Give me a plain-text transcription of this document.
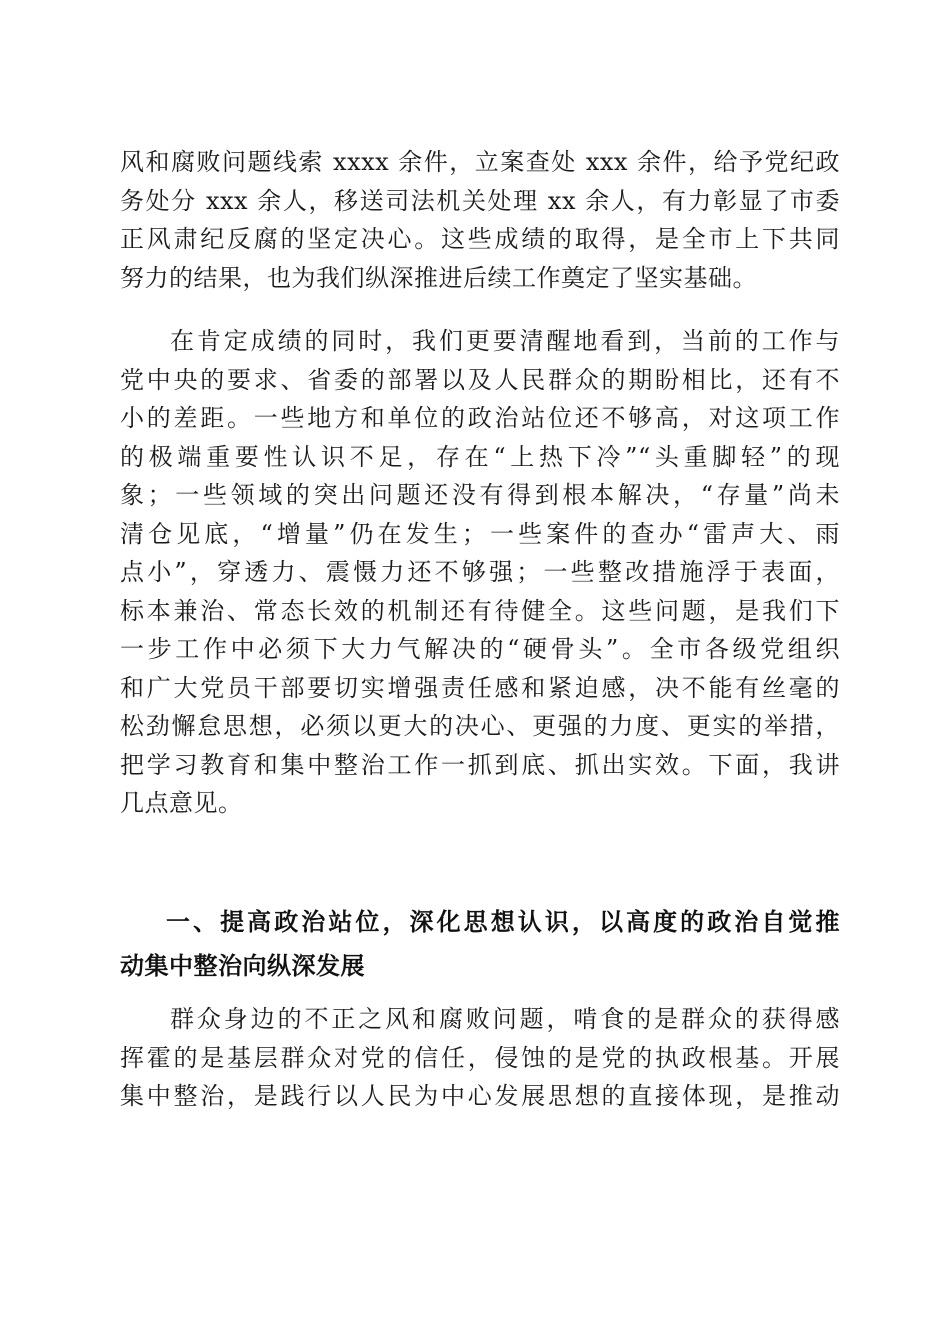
风和腐败问题线索 xxxx 余件，立案查处 xxx 余件，给予党纪政
务处分 xxx 余人，移送司法机关处理 xx 余人，有力彰显了市委
正风肃纪反腐的坚定决心。这些成绩的取得，是全市上下共同
努力的结果，也为我们纵深推进后续工作奠定了坚实基础。
在肯定成绩的同时，我们更要清醒地看到，当前的工作与
党中央的要求、省委的部署以及人民群众的期盼相比，还有不
小的差距。一些地方和单位的政治站位还不够高，对这项工作
的极端重要性认识不足，存在“上热下冷”“头重脚轻”的现
象；一些领域的突出问题还没有得到根本解决，“存量”尚未
清仓见底，“增量”仍在发生；一些案件的查办“雷声大、雨
点小”，穿透力、震慑力还不够强；一些整改措施浮于表面，
标本兼治、常态长效的机制还有待健全。这些问题，是我们下
一步工作中必须下大力气解决的“硬骨头”。全市各级党组织
和广大党员干部要切实增强责任感和紧迫感，决不能有丝毫的
松劲懈怠思想，必须以更大的决心、更强的力度、更实的举措，
把学习教育和集中整治工作一抓到底、抓出实效。下面，我讲
几点意见。
一、提高政治站位，深化思想认识，以高度的政治自觉推
动集中整治向纵深发展
群众身边的不正之风和腐败问题，啃食的是群众的获得感
挥霍的是基层群众对党的信任，侵蚀的是党的执政根基。开展
集中整治，是践行以人民为中心发展思想的直接体现，是推动
